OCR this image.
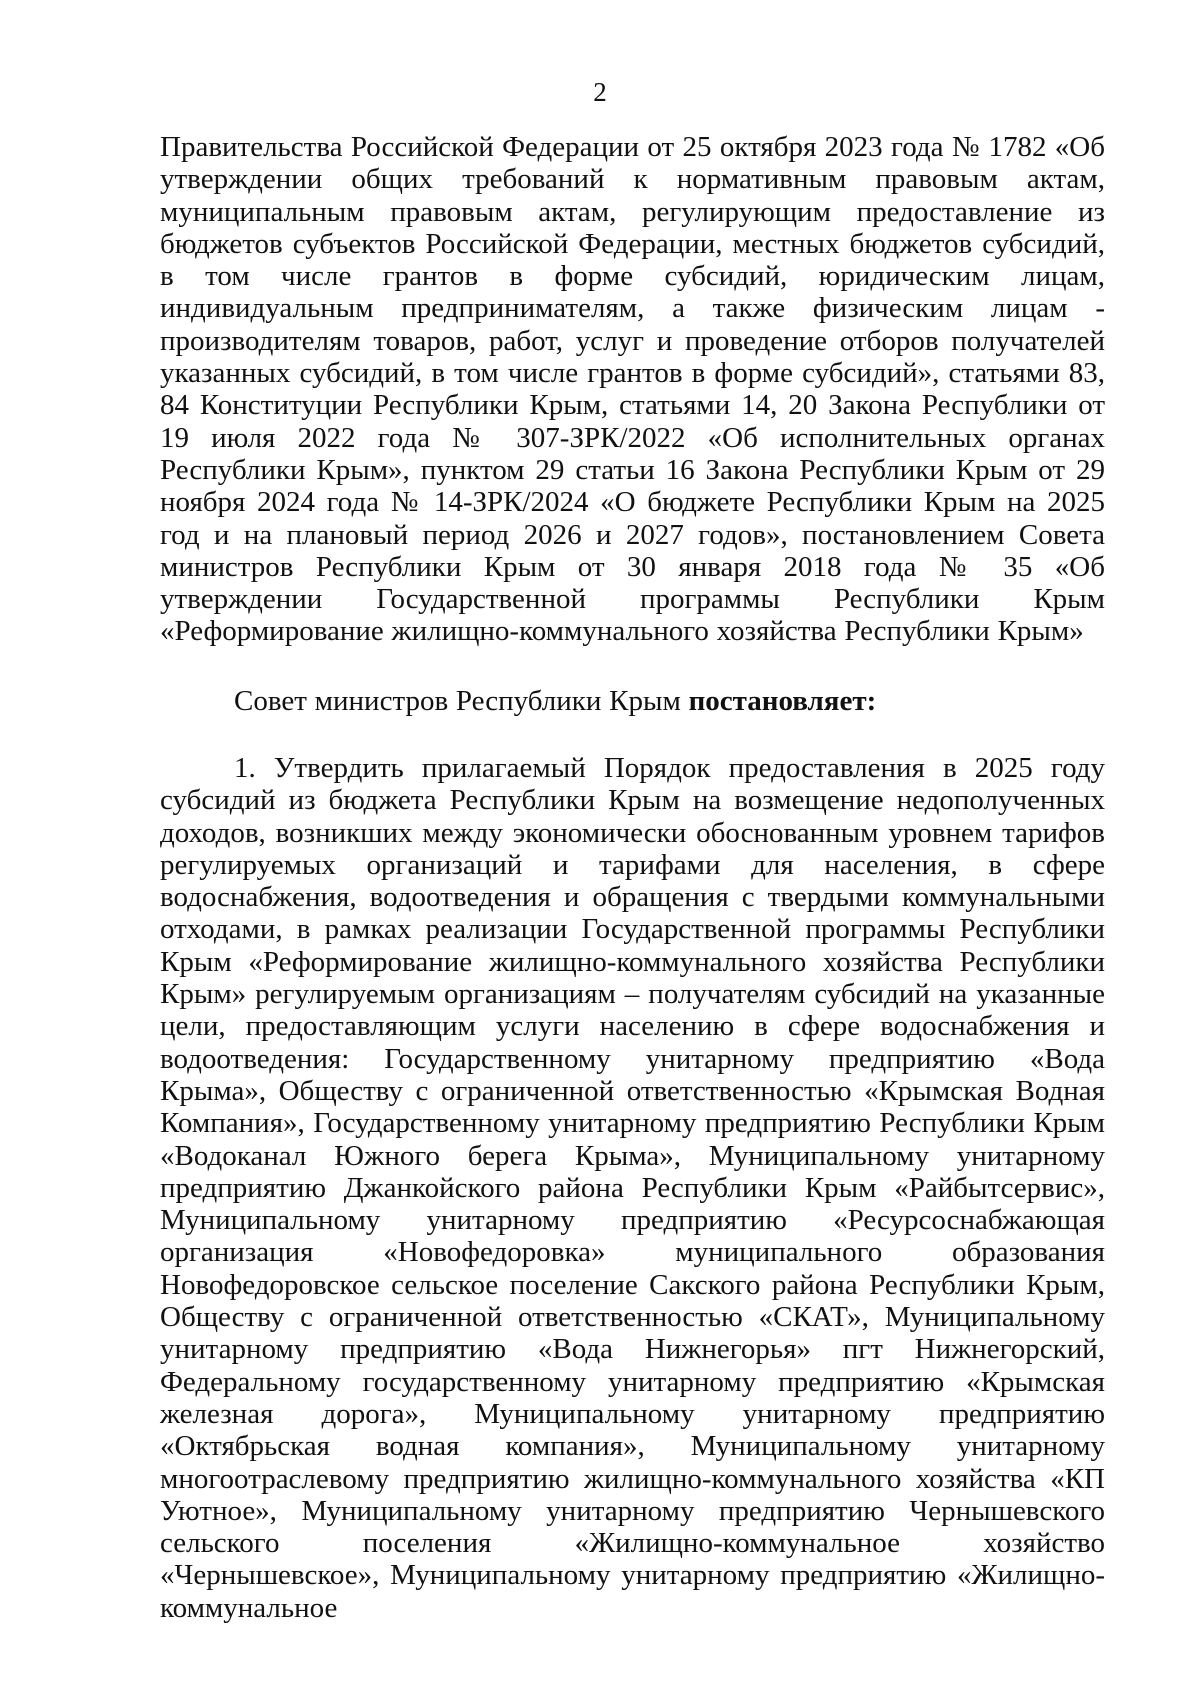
2
Правительства Российской Федерации от 25 октября 2023 года № 1782 «Об утверждении общих требований к нормативным правовым актам, муниципальным правовым актам, регулирующим предоставление из бюджетов субъектов Российской Федерации, местных бюджетов субсидий, в том числе грантов в форме субсидий, юридическим лицам, индивидуальным предпринимателям, а также физическим лицам - производителям товаров, работ, услуг и проведение отборов получателей указанных субсидий, в том числе грантов в форме субсидий», статьями 83, 84 Конституции Республики Крым, статьями 14, 20 Закона Республики от 19 июля 2022 года № 307-ЗРК/2022 «Об исполнительных органах Республики Крым», пунктом 29 статьи 16 Закона Республики Крым от 29 ноября 2024 года № 14-ЗРК/2024 «О бюджете Республики Крым на 2025 год и на плановый период 2026 и 2027 годов», постановлением Совета министров Республики Крым от 30 января 2018 года № 35 «Об утверждении Государственной программы Республики Крым «Реформирование жилищно-коммунального хозяйства Республики Крым»
Совет министров Республики Крым постановляет:
1. Утвердить прилагаемый Порядок предоставления в 2025 году субсидий из бюджета Республики Крым на возмещение недополученных доходов, возникших между экономически обоснованным уровнем тарифов регулируемых организаций и тарифами для населения, в сфере водоснабжения, водоотведения и обращения с твердыми коммунальными отходами, в рамках реализации Государственной программы Республики Крым «Реформирование жилищно-коммунального хозяйства Республики Крым» регулируемым организациям – получателям субсидий на указанные цели, предоставляющим услуги населению в сфере водоснабжения и водоотведения: Государственному унитарному предприятию «Вода Крыма», Обществу с ограниченной ответственностью «Крымская Водная Компания», Государственному унитарному предприятию Республики Крым «Водоканал Южного берега Крыма», Муниципальному унитарному предприятию Джанкойского района Республики Крым «Райбытсервис», Муниципальному унитарному предприятию «Ресурсоснабжающая организация «Новофедоровка» муниципального образования Новофедоровское сельское поселение Сакского района Республики Крым, Обществу с ограниченной ответственностью «СКАТ», Муниципальному унитарному предприятию «Вода Нижнегорья» пгт Нижнегорский, Федеральному государственному унитарному предприятию «Крымская железная дорога», Муниципальному унитарному предприятию «Октябрьская водная компания», Муниципальному унитарному многоотраслевому предприятию жилищно-коммунального хозяйства «КП Уютное», Муниципальному унитарному предприятию Чернышевского сельского поселения «Жилищно-коммунальное хозяйство «Чернышевское», Муниципальному унитарному предприятию «Жилищно-коммунальное
